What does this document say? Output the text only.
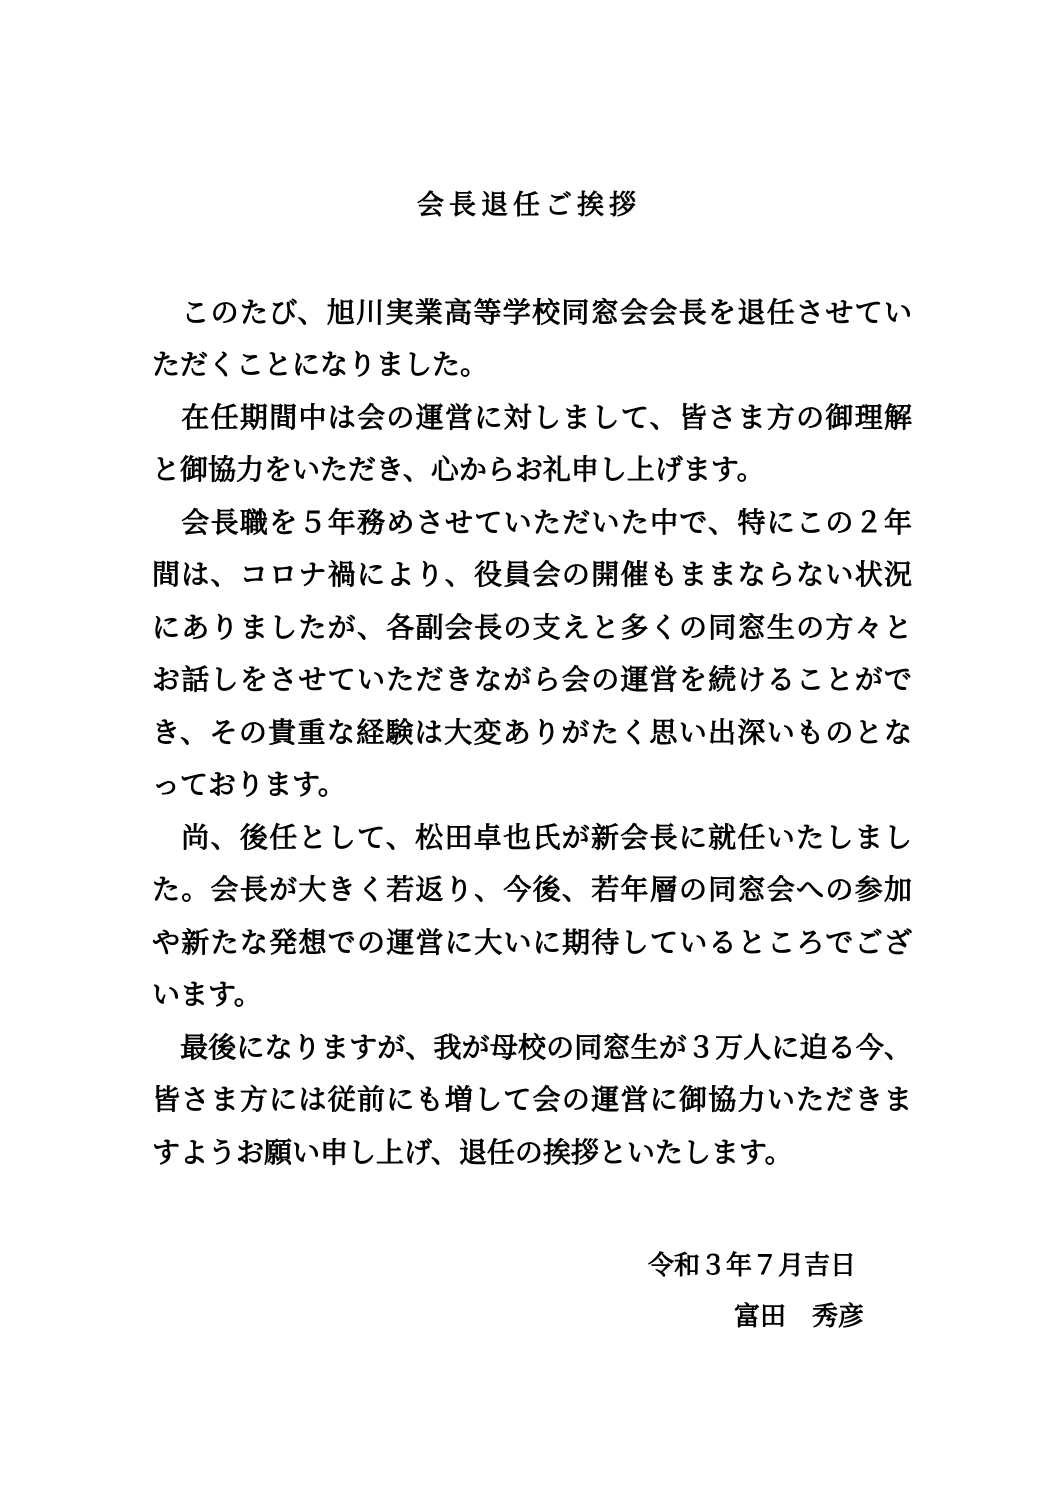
会長退任ご挨拶
　このたび、旭川実業高等学校同窓会会長を退任させてい
ただくことになりました。
　在任期間中は会の運営に対しまして、皆さま方の御理解
と御協力をいただき、心からお礼申し上げます。
　会長職を５年務めさせていただいた中で、特にこの２年
間は、コロナ禍により、役員会の開催もままならない状況
にありましたが、各副会長の支えと多くの同窓生の方々と
お話しをさせていただきながら会の運営を続けることがで
き、その貴重な経験は大変ありがたく思い出深いものとな
っております。
　尚、後任として、松田卓也氏が新会長に就任いたしまし
た。会長が大きく若返り、今後、若年層の同窓会への参加
や新たな発想での運営に大いに期待しているところでござ
います。
　最後になりますが、我が母校の同窓生が３万人に迫る今、
皆さま方には従前にも増して会の運営に御協力いただきま
すようお願い申し上げ、退任の挨拶といたします。
令和３年７月吉日
富田　秀彦
